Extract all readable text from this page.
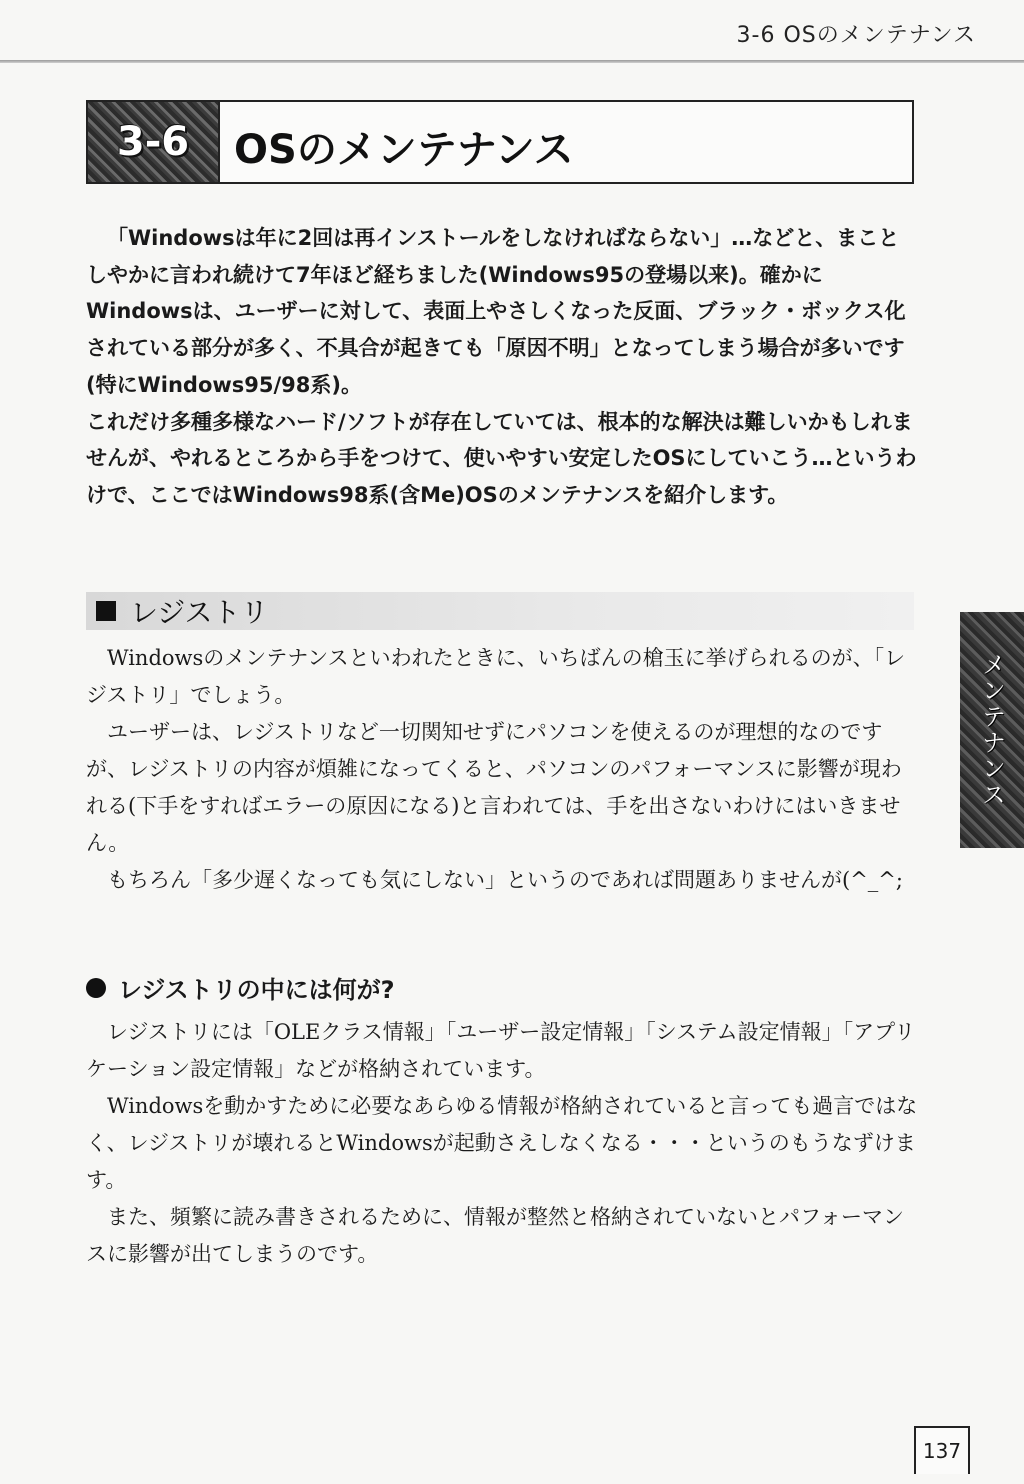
3-6 OSのメンテナンス
3-6 OSのメンテナンス

「Windowsは年に2回は再インストールをしなければならない」…などと、まことしやかに言われ続けて7年ほど経ちました(Windows95の登場以来)。確かにWindowsは、ユーザーに対して、表面上やさしくなった反面、ブラック・ボックス化されている部分が多く、不具合が起きても「原因不明」となってしまう場合が多いです(特にWindows95/98系)。

これだけ多種多様なハード/ソフトが存在していては、根本的な解決は難しいかもしれませんが、やれるところから手をつけて、使いやすい安定したOSにしていこう…というわけで、ここではWindows98系(含Me)OSのメンテナンスを紹介します。

レジストリ

Windowsのメンテナンスといわれたときに、いちばんの槍玉に挙げられるのが、「レジストリ」でしょう。

ユーザーは、レジストリなど一切関知せずにパソコンを使えるのが理想的なのですが、レジストリの内容が煩雑になってくると、パソコンのパフォーマンスに影響が現われる(下手をすればエラーの原因になる)と言われては、手を出さないわけにはいきません。

もちろん「多少遅くなっても気にしない」というのであれば問題ありませんが(^_^;

レジストリの中には何が?

レジストリには「OLEクラス情報」「ユーザー設定情報」「システム設定情報」「アプリケーション設定情報」などが格納されています。

Windowsを動かすために必要なあらゆる情報が格納されていると言っても過言ではなく、レジストリが壊れるとWindowsが起動さえしなくなる・・・というのもうなずけます。

また、頻繁に読み書きされるために、情報が整然と格納されていないとパフォーマンスに影響が出てしまうのです。

メンテナンス
137
